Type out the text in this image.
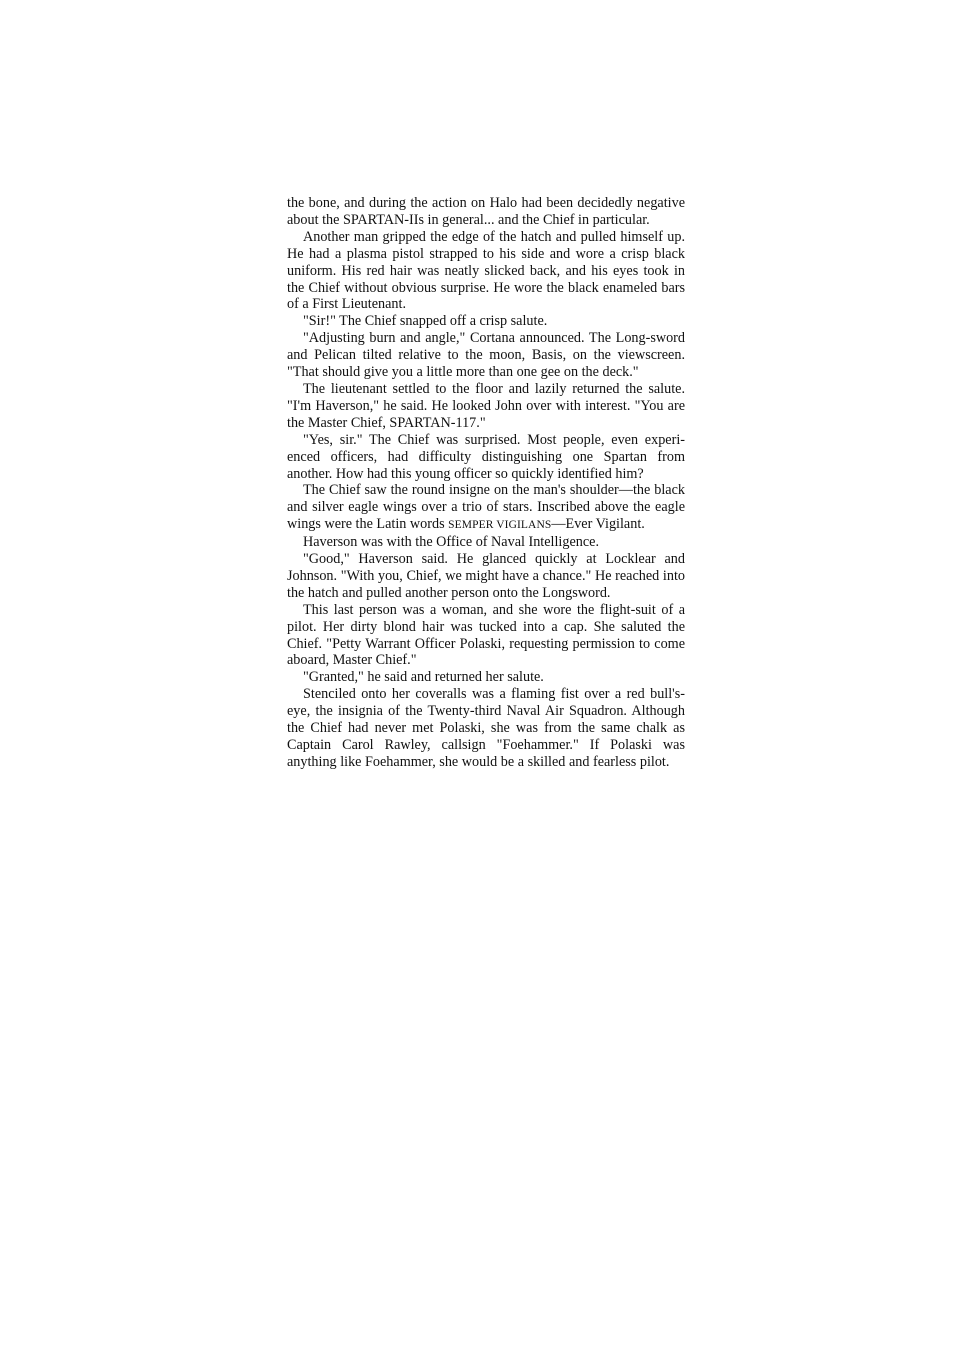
the bone, and during the action on Halo had been decidedly negative about the SPARTAN-IIs in general... and the Chief in particular.

Another man gripped the edge of the hatch and pulled himself up. He had a plasma pistol strapped to his side and wore a crisp black uniform. His red hair was neatly slicked back, and his eyes took in the Chief without obvious surprise. He wore the black enameled bars of a First Lieutenant.

"Sir!" The Chief snapped off a crisp salute.

"Adjusting burn and angle," Cortana announced. The Long-sword and Pelican tilted relative to the moon, Basis, on the viewscreen. "That should give you a little more than one gee on the deck."

The lieutenant settled to the floor and lazily returned the salute. "I'm Haverson," he said. He looked John over with interest. "You are the Master Chief, SPARTAN-117."

"Yes, sir." The Chief was surprised. Most people, even experi-enced officers, had difficulty distinguishing one Spartan from another. How had this young officer so quickly identified him?

The Chief saw the round insigne on the man's shoulder—the black and silver eagle wings over a trio of stars. Inscribed above the eagle wings were the Latin words SEMPER VIGILANS—Ever Vigilant.

Haverson was with the Office of Naval Intelligence.

"Good," Haverson said. He glanced quickly at Locklear and Johnson. "With you, Chief, we might have a chance." He reached into the hatch and pulled another person onto the Longsword.

This last person was a woman, and she wore the flight-suit of a pilot. Her dirty blond hair was tucked into a cap. She saluted the Chief. "Petty Warrant Officer Polaski, requesting permission to come aboard, Master Chief."

"Granted," he said and returned her salute.

Stenciled onto her coveralls was a flaming fist over a red bull's-eye, the insignia of the Twenty-third Naval Air Squadron. Although the Chief had never met Polaski, she was from the same chalk as Captain Carol Rawley, callsign "Foehammer." If Polaski was anything like Foehammer, she would be a skilled and fearless pilot.
